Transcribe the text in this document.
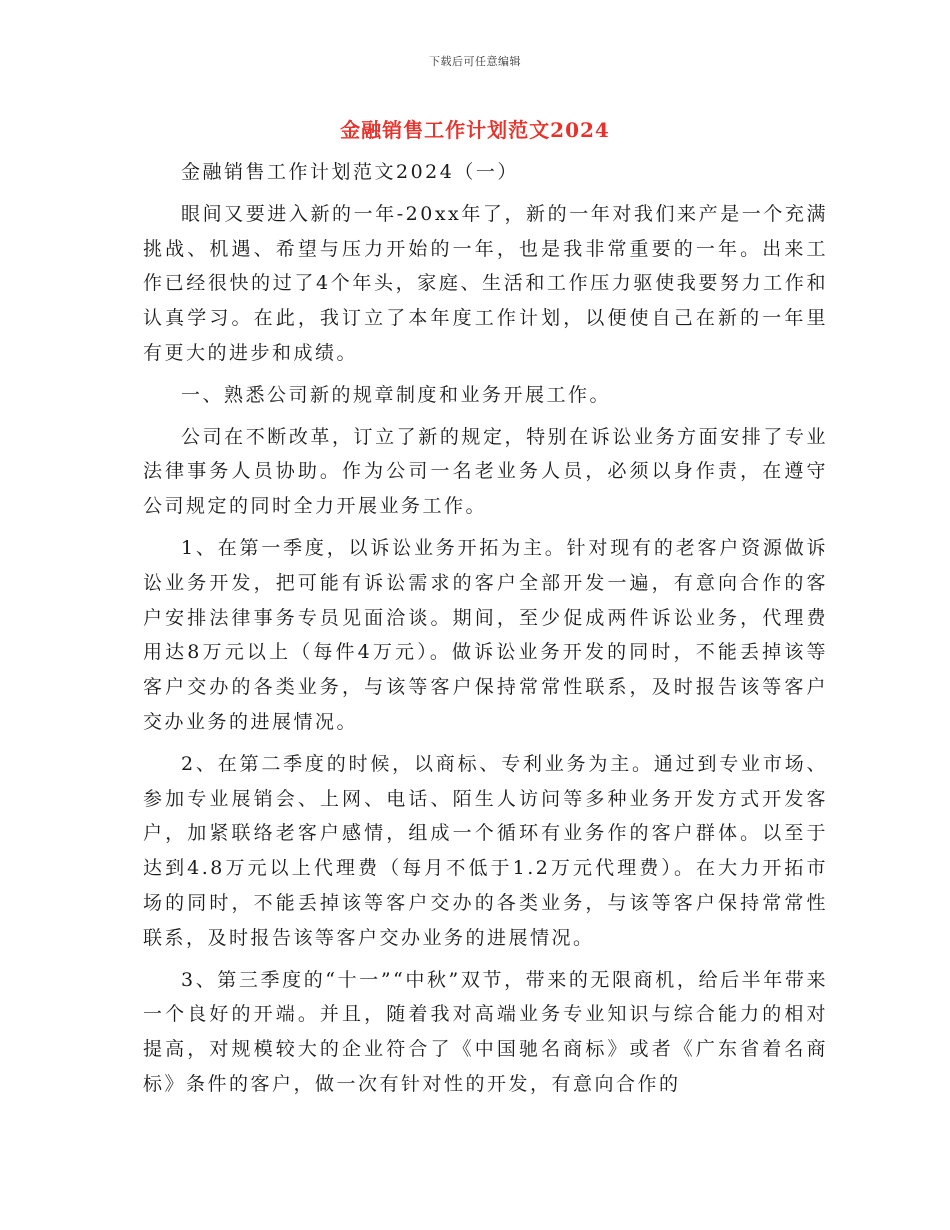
下载后可任意编辑
金融销售工作计划范文2024

金融销售工作计划范文2024（一）

眼间又要进入新的一年-20xx年了，新的一年对我们来产是一个充满挑战、机遇、希望与压力开始的一年，也是我非常重要的一年。出来工作已经很快的过了4个年头，家庭、生活和工作压力驱使我要努力工作和认真学习。在此，我订立了本年度工作计划，以便使自己在新的一年里有更大的进步和成绩。

一、熟悉公司新的规章制度和业务开展工作。

公司在不断改革，订立了新的规定，特别在诉讼业务方面安排了专业法律事务人员协助。作为公司一名老业务人员，必须以身作责，在遵守公司规定的同时全力开展业务工作。

1、在第一季度，以诉讼业务开拓为主。针对现有的老客户资源做诉讼业务开发，把可能有诉讼需求的客户全部开发一遍，有意向合作的客户安排法律事务专员见面洽谈。期间，至少促成两件诉讼业务，代理费用达8万元以上（每件4万元）。做诉讼业务开发的同时，不能丢掉该等客户交办的各类业务，与该等客户保持常常性联系，及时报告该等客户交办业务的进展情况。

2、在第二季度的时候，以商标、专利业务为主。通过到专业市场、参加专业展销会、上网、电话、陌生人访问等多种业务开发方式开发客户，加紧联络老客户感情，组成一个循环有业务作的客户群体。以至于达到4.8万元以上代理费（每月不低于1.2万元代理费）。在大力开拓市场的同时，不能丢掉该等客户交办的各类业务，与该等客户保持常常性联系，及时报告该等客户交办业务的进展情况。

3、第三季度的“十一”“中秋”双节，带来的无限商机，给后半年带来一个良好的开端。并且，随着我对高端业务专业知识与综合能力的相对提高，对规模较大的企业符合了《中国驰名商标》或者《广东省着名商标》条件的客户，做一次有针对性的开发，有意向合作的
